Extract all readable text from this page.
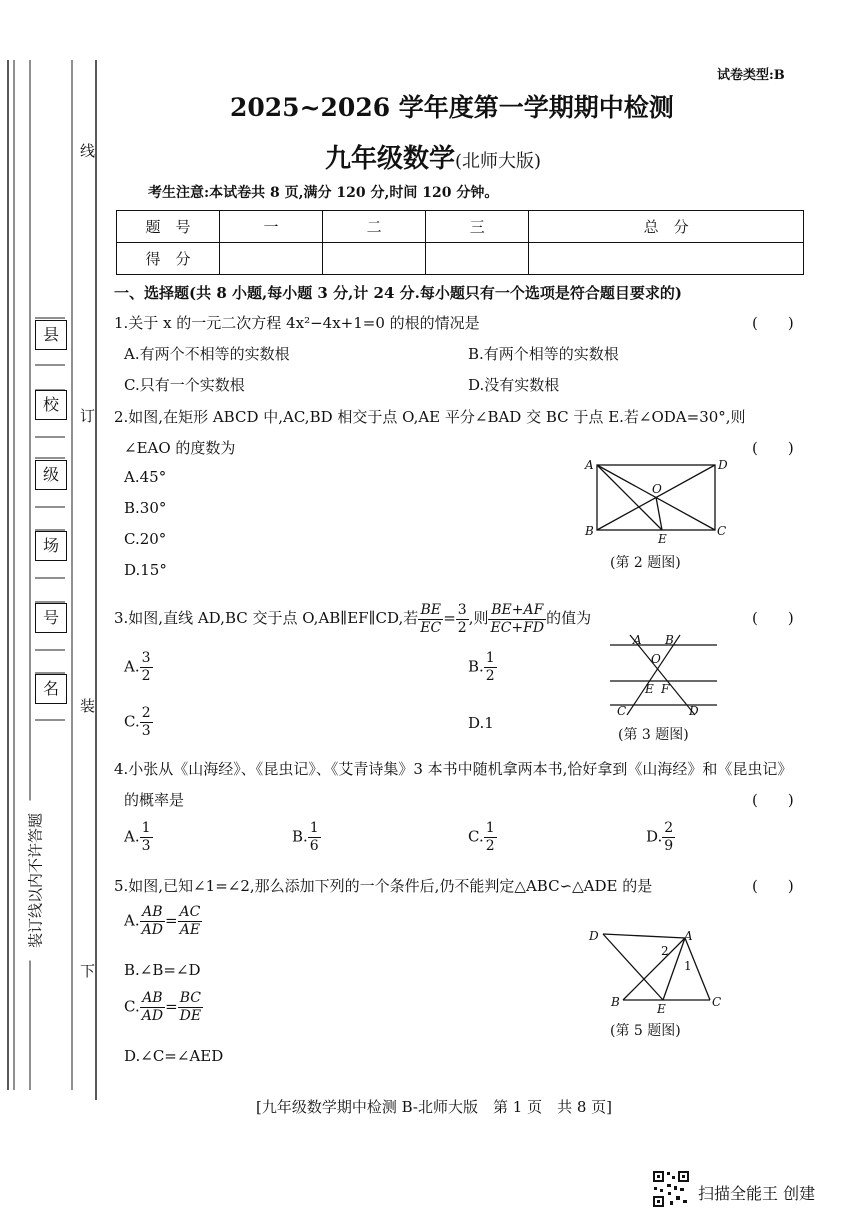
县
校
级
场
号
名
线
订
装
下
装订线以内不许答题
试卷类型:B
2025~2026 学年度第一学期期中检测
九年级数学(北师大版)
考生注意:本试卷共 8 页,满分 120 分,时间 120 分钟。
题　号	一	二	三	总　分
得　分				
一、选择题(共 8 小题,每小题 3 分,计 24 分.每小题只有一个选项是符合题目要求的)
1.关于 x 的一元二次方程 4x²−4x+1=0 的根的情况是	(　　)
A.有两个不相等的实数根	B.有两个相等的实数根
C.只有一个实数根	D.没有实数根
2.如图,在矩形 ABCD 中,AC,BD 相交于点 O,AE 平分∠BAD 交 BC 于点 E.若∠ODA=30°,则
∠EAO 的度数为	(　　)
A.45°
B.30°
C.20°
D.15°
A	D
O
B
E
C
(第 2 题图)
3.如图,直线 AD,BC 交于点 O,AB∥EF∥CD,若 $\frac{BE}{EC} = \frac{3}{2}$ ,则 $\frac{BE+AF}{EC+FD}$ 的值为	(　　)
A. $\frac{3}{2}$	B. $\frac{1}{2}$
C. $\frac{2}{3}$	D.1
A B
O
E F
C	D
(第 3 题图)
4.小张从《山海经》、《昆虫记》、《艾青诗集》3 本书中随机拿两本书,恰好拿到《山海经》和《昆虫记》
的概率是	(　　)
A. $\frac{1}{3}$	B. $\frac{1}{6}$	C. $\frac{1}{2}$	D. $\frac{2}{9}$
5.如图,已知∠1=∠2,那么添加下列的一个条件后,仍不能判定△ABC∽△ADE 的是	(　　)
A. $\frac{AB}{AD} = \frac{AC}{AE}$
B.∠B=∠D
C. $\frac{AB}{AD} = \frac{BC}{DE}$
D.∠C=∠AED
D	A
2
1
B	E	C
(第 5 题图)
[九年级数学期中检测 B-北师大版　第 1 页　共 8 页]
扫描全能王 创建
